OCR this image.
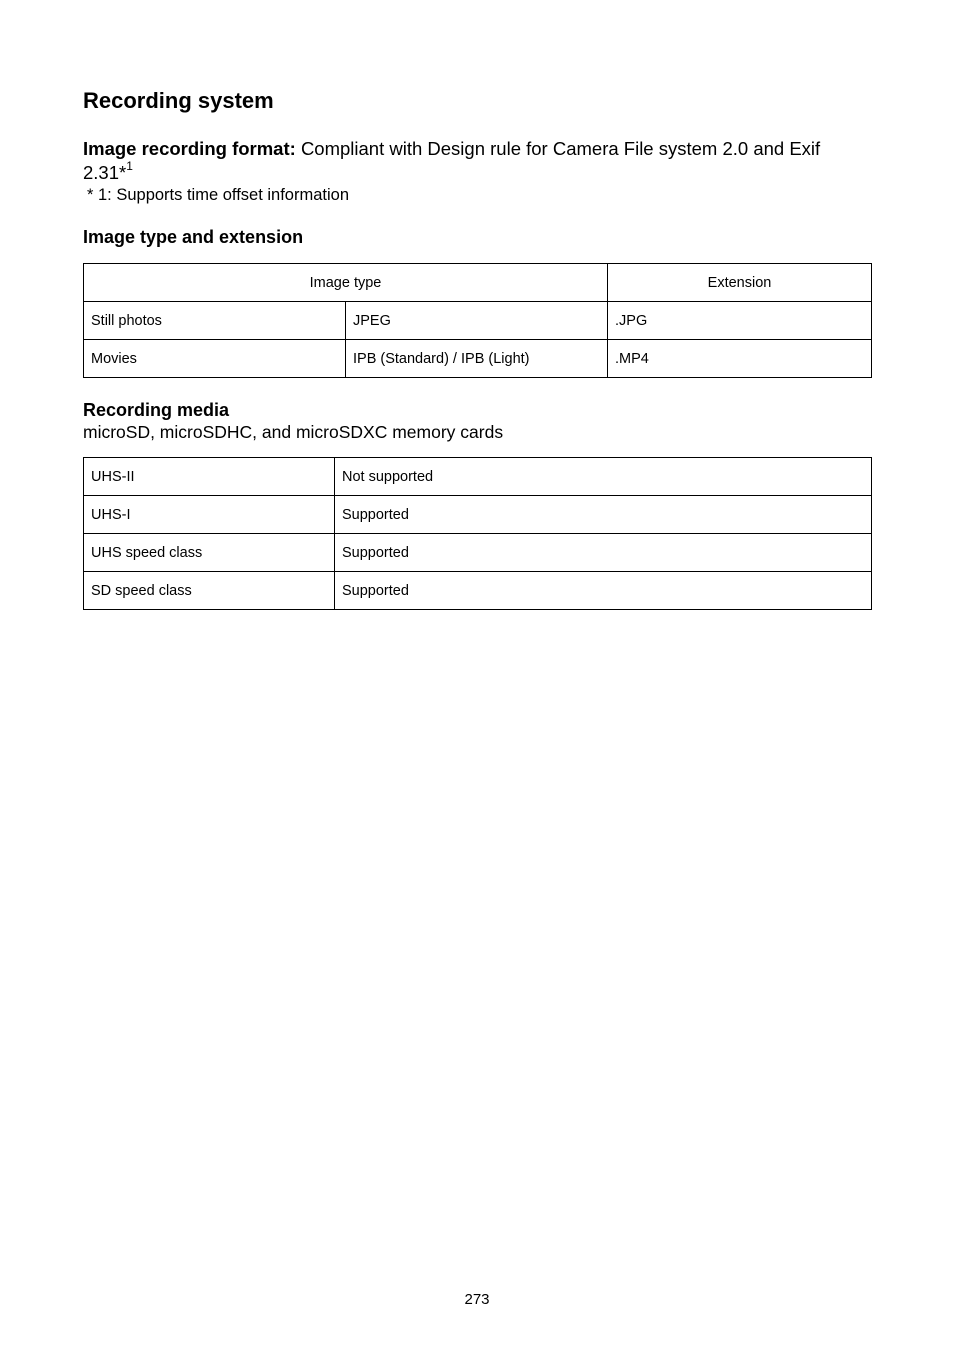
Recording system

Image recording format: Compliant with Design rule for Camera File system 2.0 and Exif 2.31*$^1$

* 1: Supports time offset information

Image type and extension
Image type		Extension
Still photos	JPEG	.JPG
Movies	IPB (Standard) / IPB (Light)	.MP4
Recording media

microSD, microSDHC, and microSDXC memory cards

UHS-II	Not supported
UHS-I	Supported
UHS speed class	Supported
SD speed class	Supported
273
